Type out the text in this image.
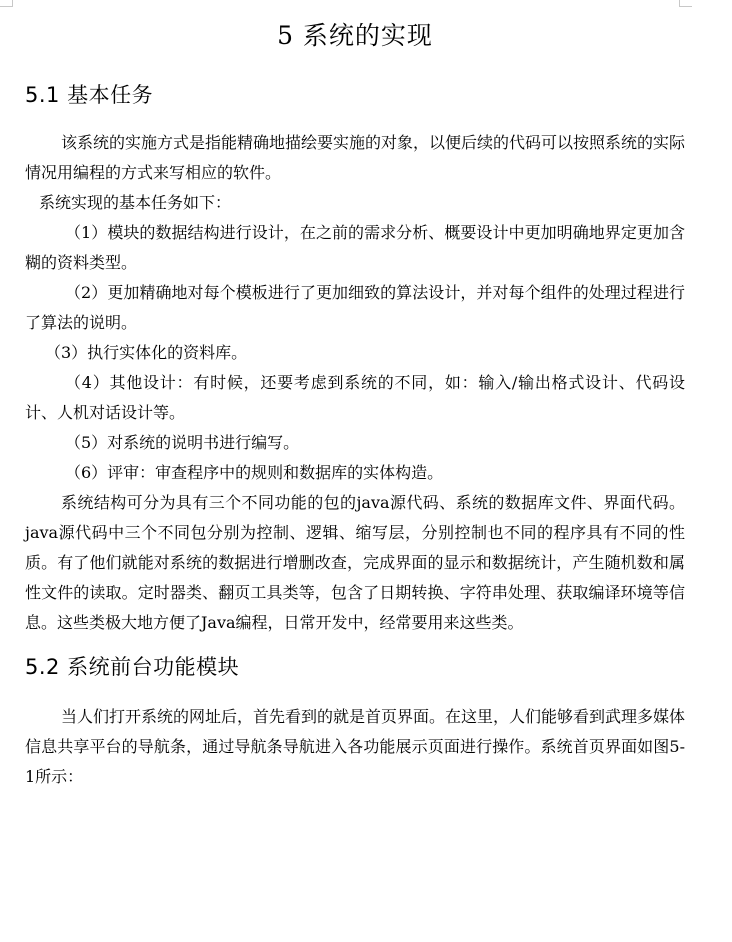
5 系统的实现
5.1 基本任务

该系统的实施方式是指能精确地描绘要实施的对象，以便后续的代码可以按照系统的实际情况用编程的方式来写相应的软件。

系统实现的基本任务如下：

（1）模块的数据结构进行设计，在之前的需求分析、概要设计中更加明确地界定更加含糊的资料类型。

（2）更加精确地对每个模板进行了更加细致的算法设计，并对每个组件的处理过程进行了算法的说明。

（3）执行实体化的资料库。

（4）其他设计：有时候，还要考虑到系统的不同，如：输入/输出格式设计、代码设计、人机对话设计等。

（5）对系统的说明书进行编写。

（6）评审：审查程序中的规则和数据库的实体构造。

系统结构可分为具有三个不同功能的包的java源代码、系统的数据库文件、界面代码。java源代码中三个不同包分别为控制、逻辑、缩写层，分别控制也不同的程序具有不同的性质。有了他们就能对系统的数据进行增删改查，完成界面的显示和数据统计，产生随机数和属性文件的读取。定时器类、翻页工具类等，包含了日期转换、字符串处理、获取编译环境等信息。这些类极大地方便了Java编程，日常开发中，经常要用来这些类。

5.2 系统前台功能模块

当人们打开系统的网址后，首先看到的就是首页界面。在这里，人们能够看到武理多媒体信息共享平台的导航条，通过导航条导航进入各功能展示页面进行操作。系统首页界面如图5-1所示：
